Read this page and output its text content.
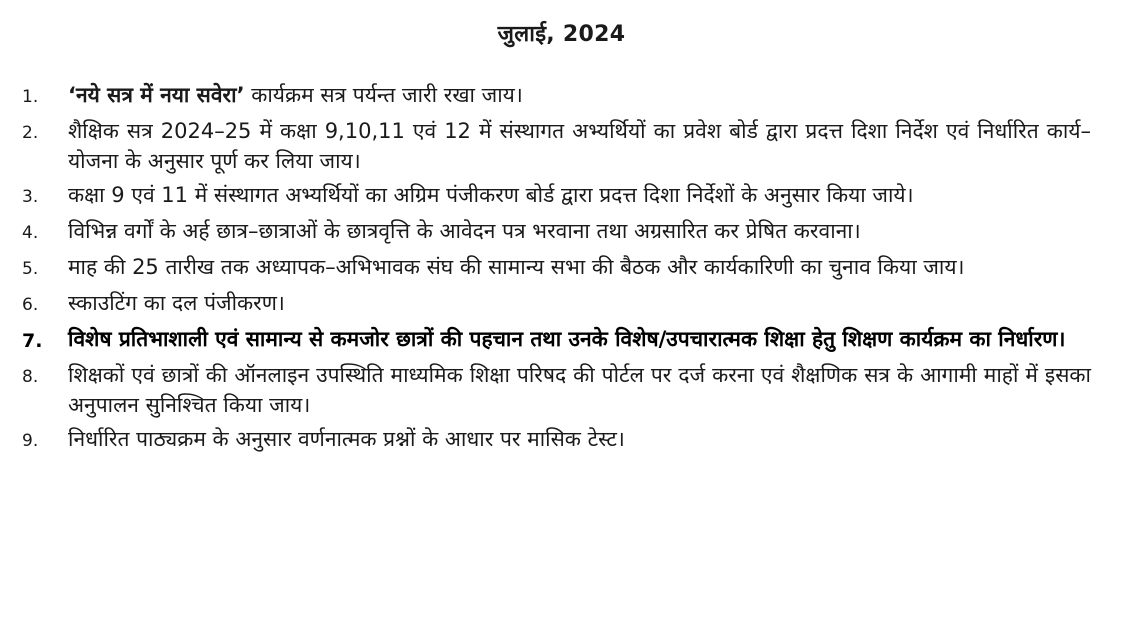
जुलाई, 2024
1.	‘नये सत्र में नया सवेरा’ कार्यक्रम सत्र पर्यन्त जारी रखा जाय।
2.	शैक्षिक सत्र 2024–25 में कक्षा 9,10,11 एवं 12 में संस्थागत अभ्यर्थियों का प्रवेश बोर्ड द्वारा प्रदत्त दिशा निर्देश एवं निर्धारित कार्य–योजना के अनुसार पूर्ण कर लिया जाय।
3.	कक्षा 9 एवं 11 में संस्थागत अभ्यर्थियों का अग्रिम पंजीकरण बोर्ड द्वारा प्रदत्त दिशा निर्देशों के अनुसार किया जाये।
4.	विभिन्न वर्गों के अर्ह छात्र–छात्राओं के छात्रवृत्ति के आवेदन पत्र भरवाना तथा अग्रसारित कर प्रेषित करवाना।
5.	माह की 25 तारीख तक अध्यापक–अभिभावक संघ की सामान्य सभा की बैठक और कार्यकारिणी का चुनाव किया जाय।
6.	स्काउटिंग का दल पंजीकरण।
7.	विशेष प्रतिभाशाली एवं सामान्य से कमजोर छात्रों की पहचान तथा उनके विशेष/उपचारात्मक शिक्षा हेतु शिक्षण कार्यक्रम का निर्धारण।
8.	शिक्षकों एवं छात्रों की ऑनलाइन उपस्थिति माध्यमिक शिक्षा परिषद की पोर्टल पर दर्ज करना एवं शैक्षणिक सत्र के आगामी माहों में इसका अनुपालन सुनिश्चित किया जाय।
9.	निर्धारित पाठ्यक्रम के अनुसार वर्णनात्मक प्रश्नों के आधार पर मासिक टेस्ट।
